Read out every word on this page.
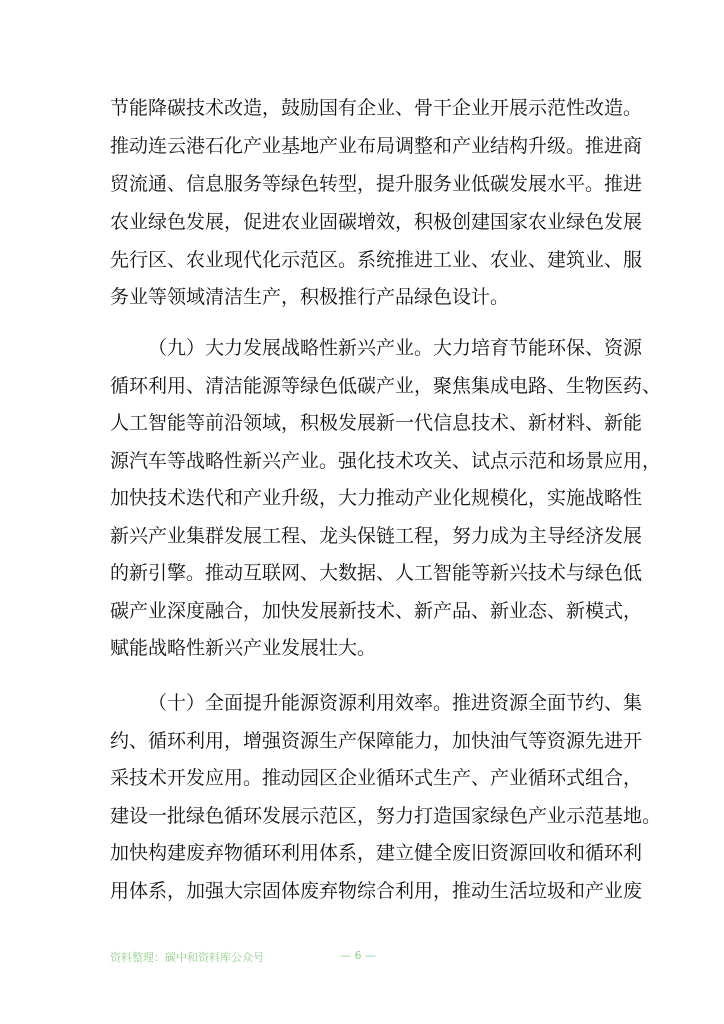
节能降碳技术改造，鼓励国有企业、骨干企业开展示范性改造。
推动连云港石化产业基地产业布局调整和产业结构升级。推进商
贸流通、信息服务等绿色转型，提升服务业低碳发展水平。推进
农业绿色发展，促进农业固碳增效，积极创建国家农业绿色发展
先行区、农业现代化示范区。系统推进工业、农业、建筑业、服
务业等领域清洁生产，积极推行产品绿色设计。
（九）大力发展战略性新兴产业。大力培育节能环保、资源
循环利用、清洁能源等绿色低碳产业，聚焦集成电路、生物医药、
人工智能等前沿领域，积极发展新一代信息技术、新材料、新能
源汽车等战略性新兴产业。强化技术攻关、试点示范和场景应用，
加快技术迭代和产业升级，大力推动产业化规模化，实施战略性
新兴产业集群发展工程、龙头保链工程，努力成为主导经济发展
的新引擎。推动互联网、大数据、人工智能等新兴技术与绿色低
碳产业深度融合，加快发展新技术、新产品、新业态、新模式，
赋能战略性新兴产业发展壮大。
（十）全面提升能源资源利用效率。推进资源全面节约、集
约、循环利用，增强资源生产保障能力，加快油气等资源先进开
采技术开发应用。推动园区企业循环式生产、产业循环式组合，
建设一批绿色循环发展示范区，努力打造国家绿色产业示范基地。
加快构建废弃物循环利用体系，建立健全废旧资源回收和循环利
用体系，加强大宗固体废弃物综合利用，推动生活垃圾和产业废
资料整理：碳中和资料库公众号	— 6 —
